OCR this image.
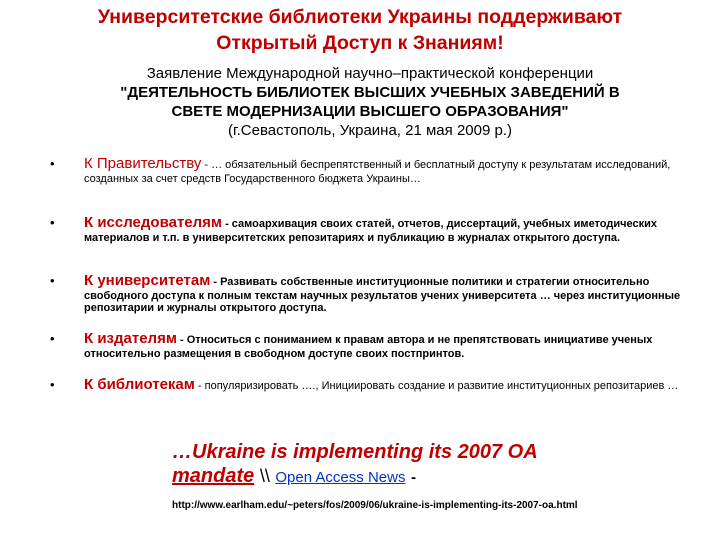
Университетские библиотеки Украины поддерживают
Открытый Доступ к Знаниям!
Заявление Международной научно–практической конференции
"ДЕЯТЕЛЬНОСТЬ БИБЛИОТЕК ВЫСШИХ УЧЕБНЫХ ЗАВЕДЕНИЙ В
СВЕТЕ МОДЕРНИЗАЦИИ ВЫСШЕГО ОБРАЗОВАНИЯ"
(г.Севастополь, Украина, 21 мая 2009 р.)
• К Правительству - … обязательный беспрепятственный и бесплатный доступу к результатам исследований, созданных за счет средств Государственного бюджета Украины…
• К исследователям - самоархивация своих статей, отчетов, диссертаций, учебных иметодических материалов и т.п. в университетских репозитариях и публикацию в журналах открытого доступа.
• К университетам - Развивать собственные институционные политики и стратегии относительно свободного доступа к полным текстам научных результатов учених университета … через институционные репозитарии и журналы открытого доступа.
• К издателям - Относиться с пониманием к правам автора и не препятствовать инициативе ученых относительно размещения в свободном доступе своих постпринтов.
• К библиотекам - популяризировать …., Инициировать создание и развитие институционных репозитариев …
…Ukraine is implementing its 2007 OA
mandate \\ Open Access News -
http://www.earlham.edu/~peters/fos/2009/06/ukraine-is-implementing-its-2007-oa.html
